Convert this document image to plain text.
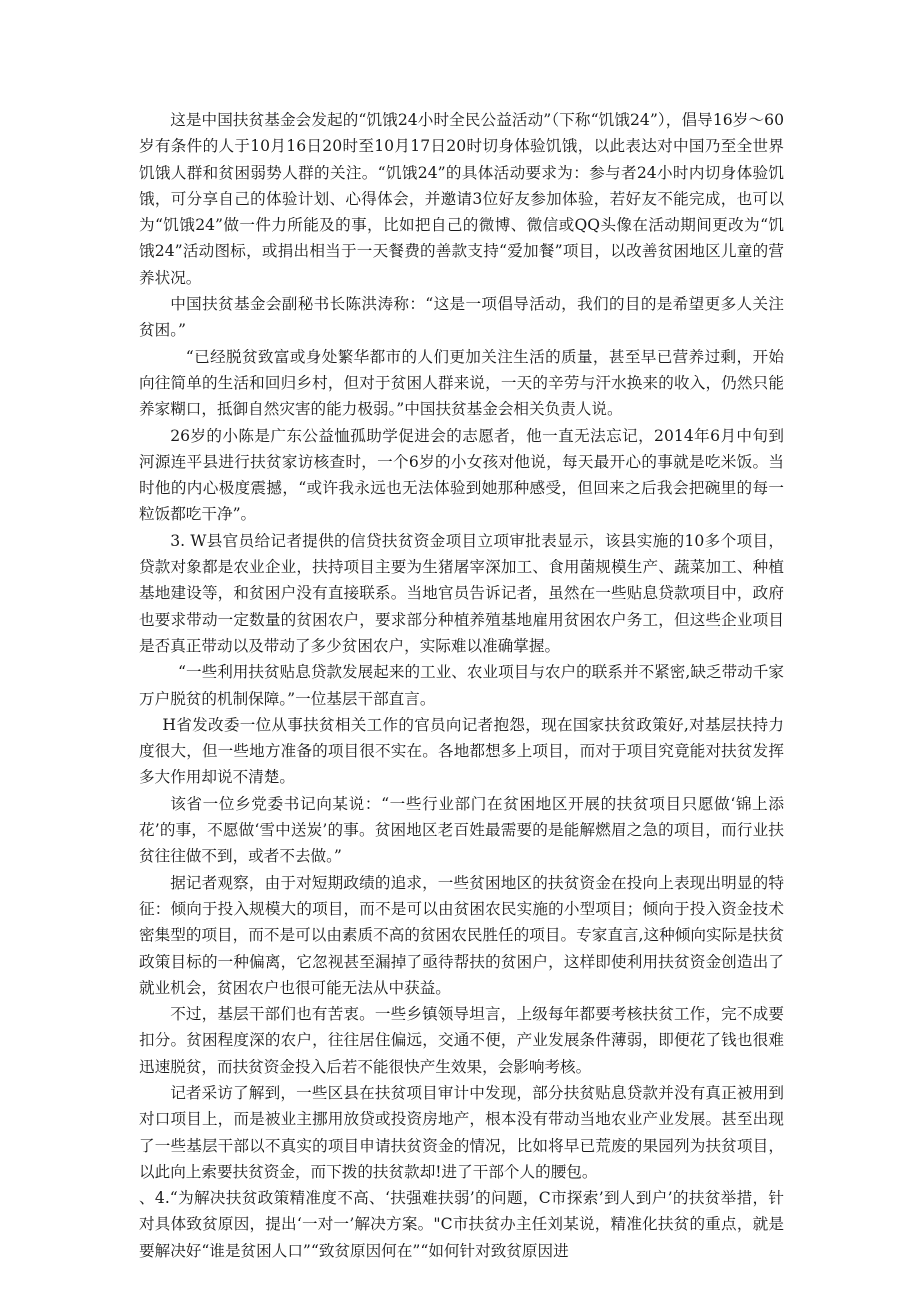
这是中国扶贫基金会发起的“饥饿24小时全民公益活动”（下称“饥饿24”），倡导16岁～60岁有条件的人于10月16日20时至10月17日20时切身体验饥饿，以此表达对中国乃至全世界饥饿人群和贫困弱势人群的关注。“饥饿24”的具体活动要求为：参与者24小时内切身体验饥饿，可分享自己的体验计划、心得体会，并邀请3位好友参加体验，若好友不能完成，也可以为“饥饿24”做一件力所能及的事，比如把自己的微博、微信或QQ头像在活动期间更改为“饥饿24”活动图标，或捐出相当于一天餐费的善款支持“爱加餐”项目，以改善贫困地区儿童的营养状况。

中国扶贫基金会副秘书长陈洪涛称：“这是一项倡导活动，我们的目的是希望更多人关注贫困。”

“已经脱贫致富或身处繁华都市的人们更加关注生活的质量，甚至早已营养过剩，开始向往简单的生活和回归乡村，但对于贫困人群来说，一天的辛劳与汗水换来的收入，仍然只能养家糊口，抵御自然灾害的能力极弱。”中国扶贫基金会相关负责人说。

26岁的小陈是广东公益恤孤助学促进会的志愿者，他一直无法忘记，2014年6月中旬到河源连平县进行扶贫家访核查时，一个6岁的小女孩对他说，每天最开心的事就是吃米饭。当时他的内心极度震撼，“或许我永远也无法体验到她那种感受，但回来之后我会把碗里的每一粒饭都吃干净”。

3. W县官员给记者提供的信贷扶贫资金项目立项审批表显示，该县实施的10多个项目，贷款对象都是农业企业，扶持项目主要为生猪屠宰深加工、食用菌规模生产、蔬菜加工、种植基地建设等，和贫困户没有直接联系。当地官员告诉记者，虽然在一些贴息贷款项目中，政府也要求带动一定数量的贫困农户，要求部分种植养殖基地雇用贫困农户务工，但这些企业项目是否真正带动以及带动了多少贫困农户，实际难以准确掌握。

“一些利用扶贫贴息贷款发展起来的工业、农业项目与农户的联系并不紧密,缺乏带动千家万户脱贫的机制保障。”一位基层干部直言。

H省发改委一位从事扶贫相关工作的官员向记者抱怨，现在国家扶贫政策好,对基层扶持力度很大，但一些地方准备的项目很不实在。各地都想多上项目，而对于项目究竟能对扶贫发挥多大作用却说不清楚。

该省一位乡党委书记向某说：“一些行业部门在贫困地区开展的扶贫项目只愿做‘锦上添花’的事，不愿做‘雪中送炭’的事。贫困地区老百姓最需要的是能解燃眉之急的项目，而行业扶贫往往做不到，或者不去做。”

据记者观察，由于对短期政绩的追求，一些贫困地区的扶贫资金在投向上表现出明显的特征：倾向于投入规模大的项目，而不是可以由贫困农民实施的小型项目；倾向于投入资金技术密集型的项目，而不是可以由素质不高的贫困农民胜任的项目。专家直言,这种倾向实际是扶贫政策目标的一种偏离，它忽视甚至漏掉了亟待帮扶的贫困户，这样即使利用扶贫资金创造出了就业机会，贫困农户也很可能无法从中获益。

不过，基层干部们也有苦衷。一些乡镇领导坦言，上级每年都要考核扶贫工作，完不成要扣分。贫困程度深的农户，往往居住偏远，交通不便，产业发展条件薄弱，即便花了钱也很难迅速脱贫，而扶贫资金投入后若不能很快产生效果，会影响考核。

记者采访了解到，一些区县在扶贫项目审计中发现，部分扶贫贴息贷款并没有真正被用到对口项目上，而是被业主挪用放贷或投资房地产，根本没有带动当地农业产业发展。甚至出现了一些基层干部以不真实的项目申请扶贫资金的情况，比如将早已荒废的果园列为扶贫项目，以此向上索要扶贫资金，而下拨的扶贫款却!进了干部个人的腰包。

、4.“为解决扶贫政策精准度不高、‘扶强难扶弱’的问题，C市探索’到人到户’的扶贫举措，针对具体致贫原因，提出‘一对一’解决方案。"C市扶贫办主任刘某说，精准化扶贫的重点，就是要解决好“谁是贫困人口”“致贫原因何在”“如何针对致贫原因进
